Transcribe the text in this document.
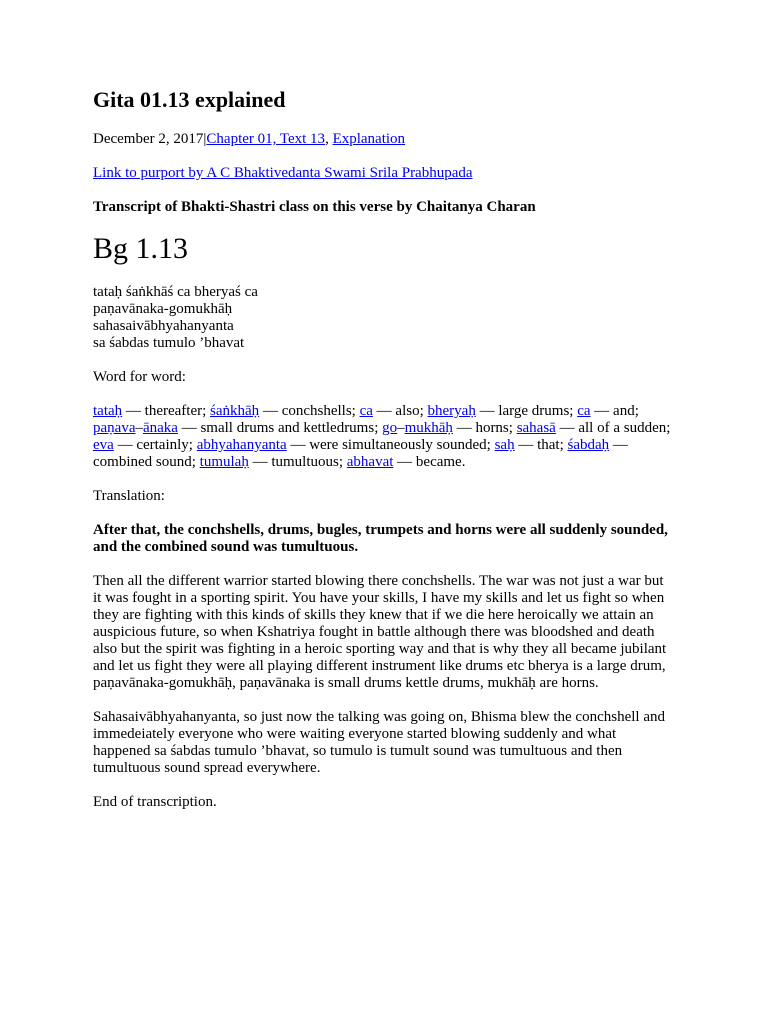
Gita 01.13 explained

December 2, 2017|Chapter 01, Text 13, Explanation

Link to purport by A C Bhaktivedanta Swami Srila Prabhupada

Transcript of Bhakti-Shastri class on this verse by Chaitanya Charan

Bg 1.13

tataḥ śaṅkhāś ca bheryaś ca
paṇavānaka-gomukhāḥ
sahasaivābhyahanyanta
sa śabdas tumulo ’bhavat

Word for word:

tataḥ — thereafter; śaṅkhāḥ — conchshells; ca — also; bheryaḥ — large drums; ca — and; paṇava–ānaka — small drums and kettledrums; go–mukhāḥ — horns; sahasā — all of a sudden; eva — certainly; abhyahanyanta — were simultaneously sounded; saḥ — that; śabdaḥ — combined sound; tumulaḥ — tumultuous; abhavat — became.

Translation:

After that, the conchshells, drums, bugles, trumpets and horns were all suddenly sounded, and the combined sound was tumultuous.

Then all the different warrior started blowing there conchshells. The war was not just a war but it was fought in a sporting spirit. You have your skills, I have my skills and let us fight so when they are fighting with this kinds of skills they knew that if we die here heroically we attain an auspicious future, so when Kshatriya fought in battle although there was bloodshed and death also but the spirit was fighting in a heroic sporting way and that is why they all became jubilant and let us fight they were all playing different instrument like drums etc bherya is a large drum, paṇavānaka-gomukhāḥ, paṇavānaka is small drums kettle drums, mukhāḥ are horns.

Sahasaivābhyahanyanta, so just now the talking was going on, Bhisma blew the conchshell and immedeiately everyone who were waiting everyone started blowing suddenly and what happened sa śabdas tumulo ’bhavat, so tumulo is tumult sound was tumultuous and then tumultuous sound spread everywhere.

End of transcription.
